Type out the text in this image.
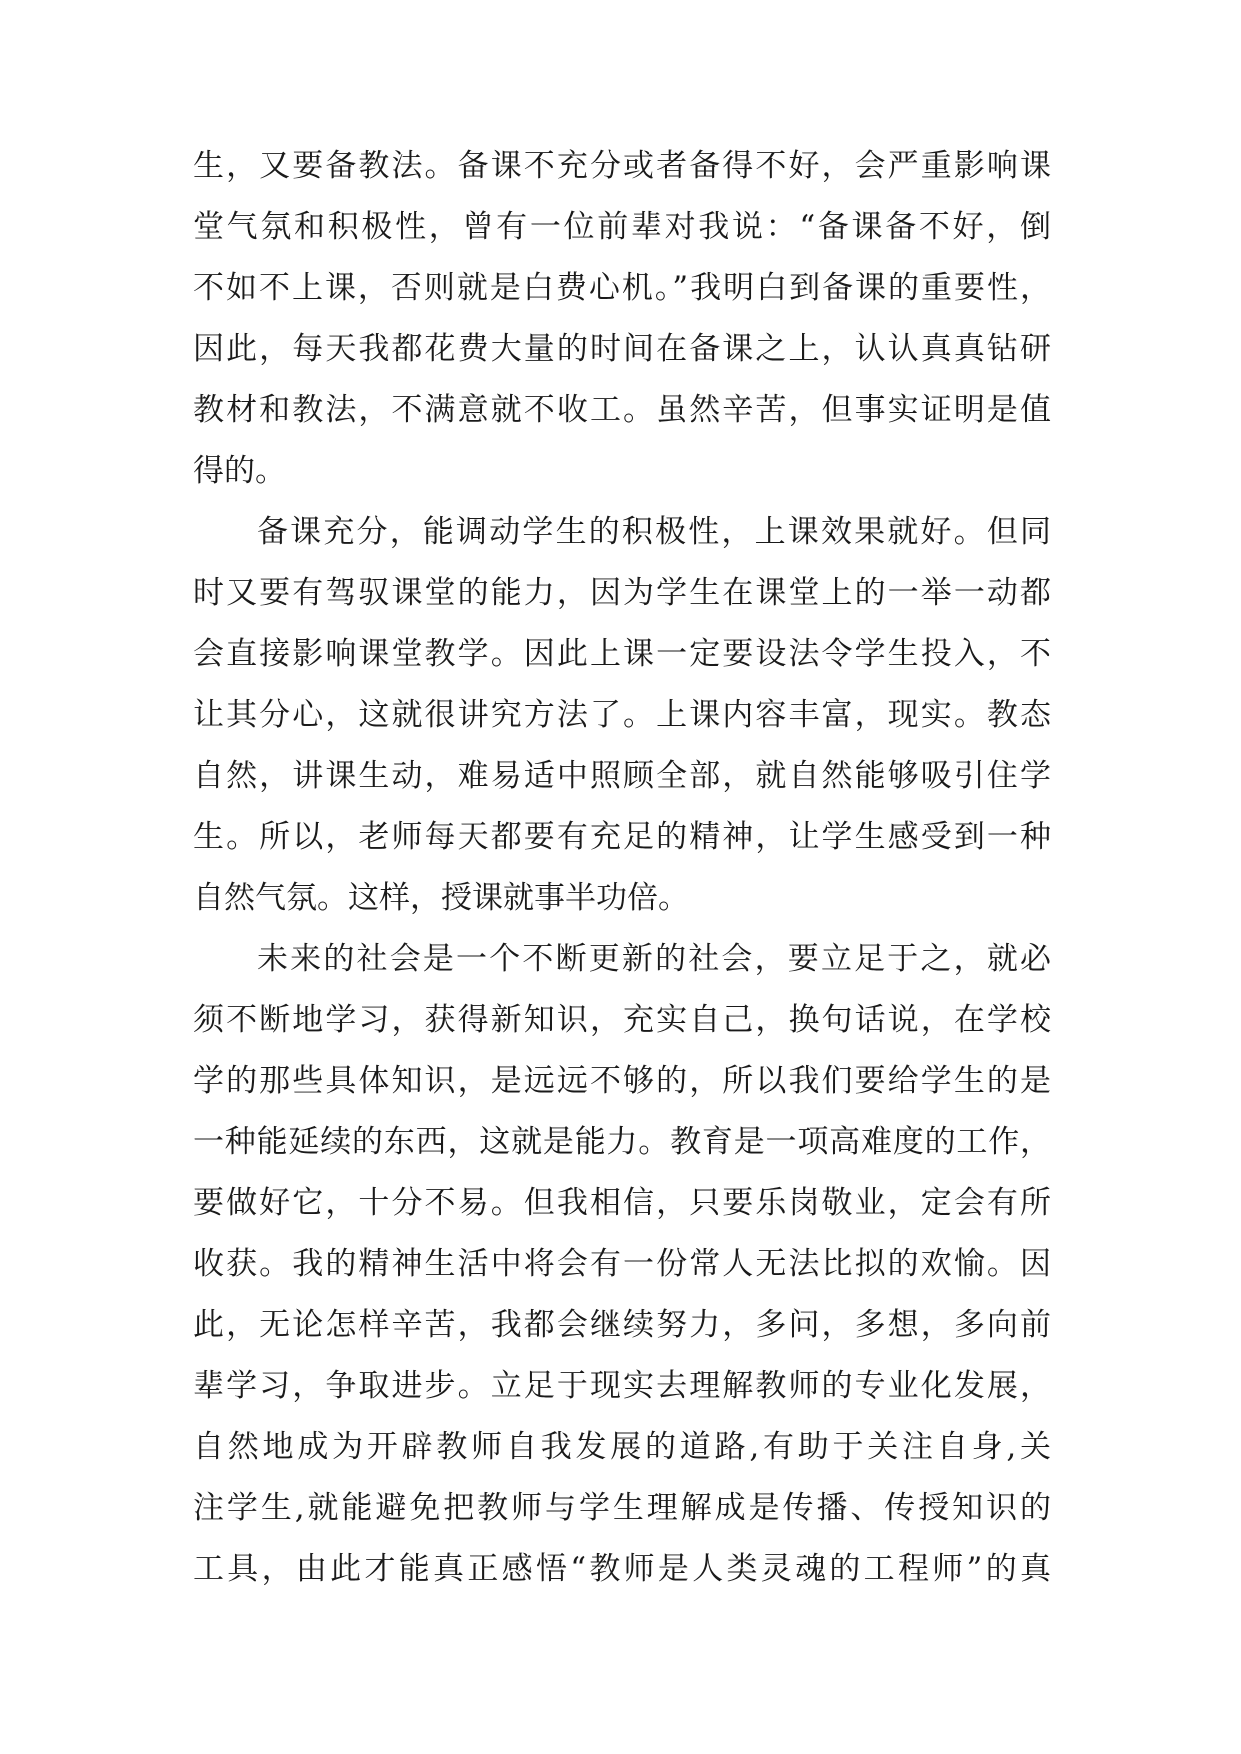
生，又要备教法。备课不充分或者备得不好，会严重影响课
堂气氛和积极性，曾有一位前辈对我说：“备课备不好，倒
不如不上课，否则就是白费心机。”我明白到备课的重要性，
因此，每天我都花费大量的时间在备课之上，认认真真钻研
教材和教法，不满意就不收工。虽然辛苦，但事实证明是值
得的。
备课充分，能调动学生的积极性，上课效果就好。但同
时又要有驾驭课堂的能力，因为学生在课堂上的一举一动都
会直接影响课堂教学。因此上课一定要设法令学生投入，不
让其分心，这就很讲究方法了。上课内容丰富，现实。教态
自然，讲课生动，难易适中照顾全部，就自然能够吸引住学
生。所以，老师每天都要有充足的精神，让学生感受到一种
自然气氛。这样，授课就事半功倍。
未来的社会是一个不断更新的社会，要立足于之，就必
须不断地学习，获得新知识，充实自己，换句话说，在学校
学的那些具体知识，是远远不够的，所以我们要给学生的是
一种能延续的东西，这就是能力。教育是一项高难度的工作，
要做好它，十分不易。但我相信，只要乐岗敬业，定会有所
收获。我的精神生活中将会有一份常人无法比拟的欢愉。因
此，无论怎样辛苦，我都会继续努力，多问，多想，多向前
辈学习，争取进步。立足于现实去理解教师的专业化发展，
自然地成为开辟教师自我发展的道路,有助于关注自身,关
注学生,就能避免把教师与学生理解成是传播、传授知识的
工具，由此才能真正感悟“教师是人类灵魂的工程师”的真
